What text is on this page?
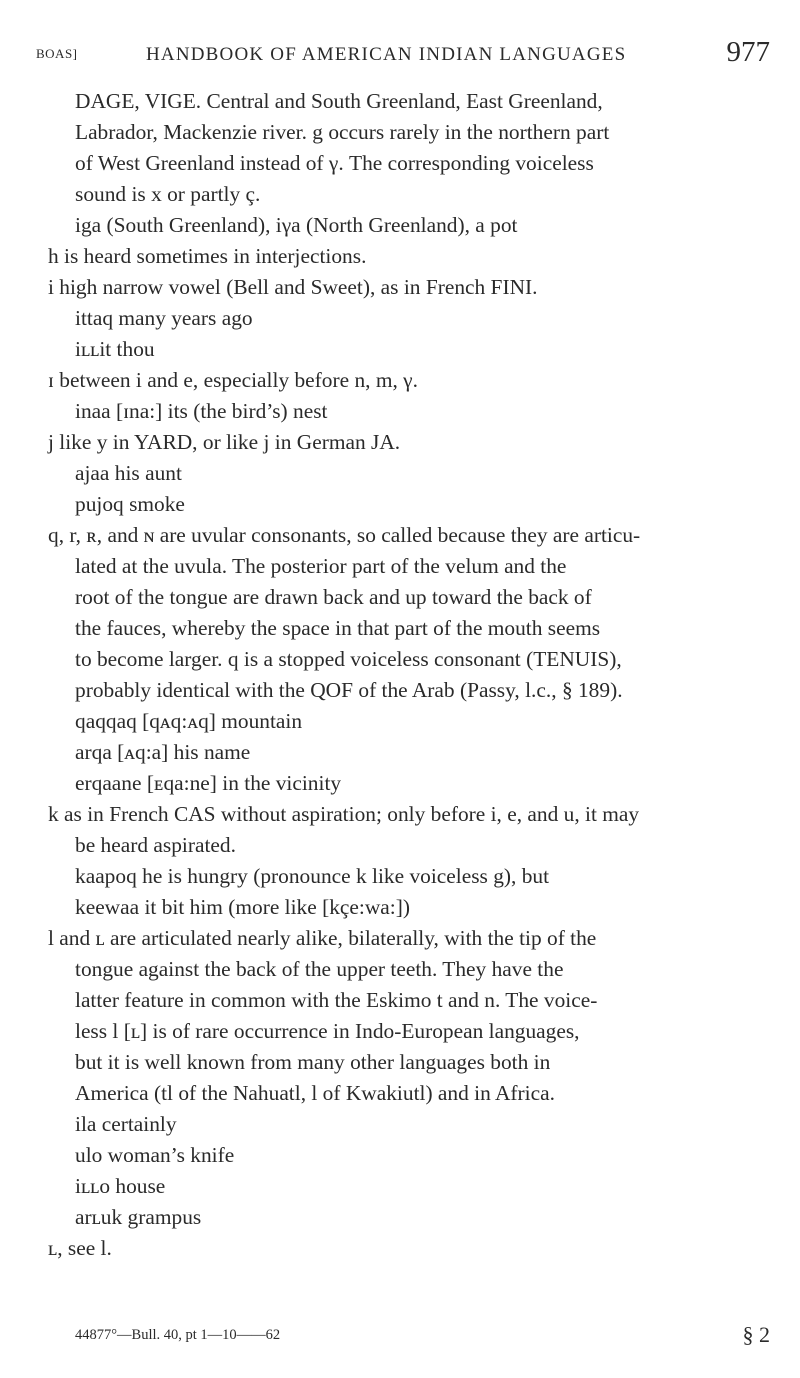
BOAS]	HANDBOOK OF AMERICAN INDIAN LANGUAGES	977
DAGE, VIGE. Central and South Greenland, East Greenland,
Labrador, Mackenzie river. g occurs rarely in the northern part
of West Greenland instead of γ. The corresponding voiceless
sound is x or partly ç.
iga (South Greenland), iγa (North Greenland), a pot
h is heard sometimes in interjections.
i high narrow vowel (Bell and Sweet), as in French FINI.
ittaq many years ago
iʟʟit thou
ɪ between i and e, especially before n, m, γ.
inaa [ɪna:] its (the bird’s) nest
j like y in YARD, or like j in German JA.
ajaa his aunt
pujoq smoke
q, r, ʀ, and ɴ are uvular consonants, so called because they are articu-
lated at the uvula. The posterior part of the velum and the
root of the tongue are drawn back and up toward the back of
the fauces, whereby the space in that part of the mouth seems
to become larger. q is a stopped voiceless consonant (TENUIS),
probably identical with the QOF of the Arab (Passy, l.c., § 189).
qaqqaq [qᴀq:ᴀq] mountain
arqa [ᴀq:a] his name
erqaane [ᴇqa:ne] in the vicinity
k as in French CAS without aspiration; only before i, e, and u, it may
be heard aspirated.
kaapoq he is hungry (pronounce k like voiceless g), but
keewaa it bit him (more like [kçe:wa:])
l and ʟ are articulated nearly alike, bilaterally, with the tip of the
tongue against the back of the upper teeth. They have the
latter feature in common with the Eskimo t and n. The voice-
less l [ʟ] is of rare occurrence in Indo-European languages,
but it is well known from many other languages both in
America (tl of the Nahuatl, l of Kwakiutl) and in Africa.
ila certainly
ulo woman’s knife
iʟʟo house
arʟuk grampus
ʟ, see l.
44877°—Bull. 40, pt 1—10——62	§ 2
